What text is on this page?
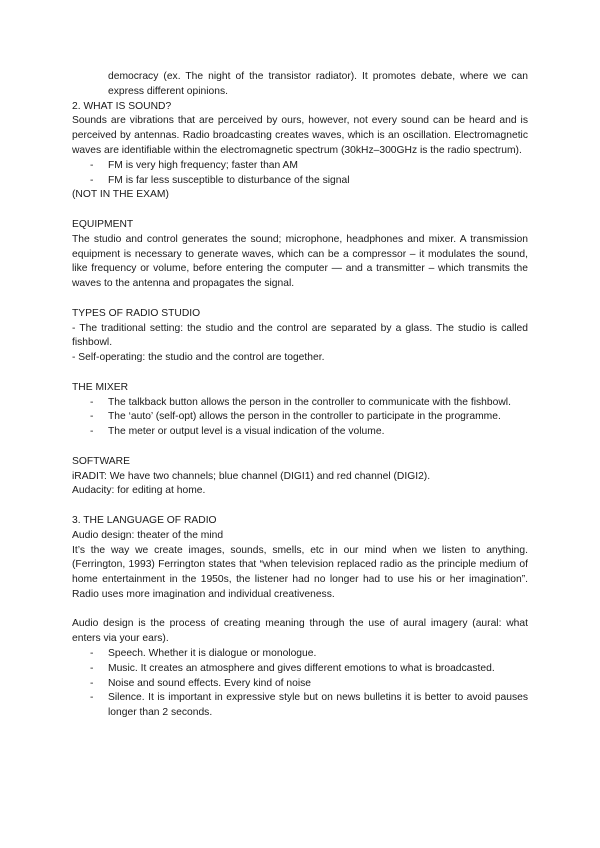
democracy (ex. The night of the transistor radiator). It promotes debate, where we can express different opinions.

2. WHAT IS SOUND?

Sounds are vibrations that are perceived by ours, however, not every sound can be heard and is perceived by antennas. Radio broadcasting creates waves, which is an oscillation. Electromagnetic waves are identifiable within the electromagnetic spectrum (30kHz–300GHz is the radio spectrum).

-	FM is very high frequency; faster than AM
-	FM is far less susceptible to disturbance of the signal

(NOT IN THE EXAM)

EQUIPMENT

The studio and control generates the sound; microphone, headphones and mixer. A transmission equipment is necessary to generate waves, which can be a compressor – it modulates the sound, like frequency or volume, before entering the computer — and a transmitter – which transmits the waves to the antenna and propagates the signal.

TYPES OF RADIO STUDIO

- The traditional setting: the studio and the control are separated by a glass. The studio is called fishbowl.

- Self-operating: the studio and the control are together.

THE MIXER

-	The talkback button allows the person in the controller to communicate with the fishbowl.
-	The ‘auto’ (self-opt) allows the person in the controller to participate in the programme.
-	The meter or output level is a visual indication of the volume.

SOFTWARE

iRADIT: We have two channels; blue channel (DIGI1) and red channel (DIGI2).

Audacity: for editing at home.

3. THE LANGUAGE OF RADIO

Audio design: theater of the mind

It’s the way we create images, sounds, smells, etc in our mind when we listen to anything. (Ferrington, 1993) Ferrington states that “when television replaced radio as the principle medium of home entertainment in the 1950s, the listener had no longer had to use his or her imagination”. Radio uses more imagination and individual creativeness.

Audio design is the process of creating meaning through the use of aural imagery (aural: what enters via your ears).

-	Speech. Whether it is dialogue or monologue.
-	Music. It creates an atmosphere and gives different emotions to what is broadcasted.
-	Noise and sound effects. Every kind of noise
-	Silence. It is important in expressive style but on news bulletins it is better to avoid pauses longer than 2 seconds.
